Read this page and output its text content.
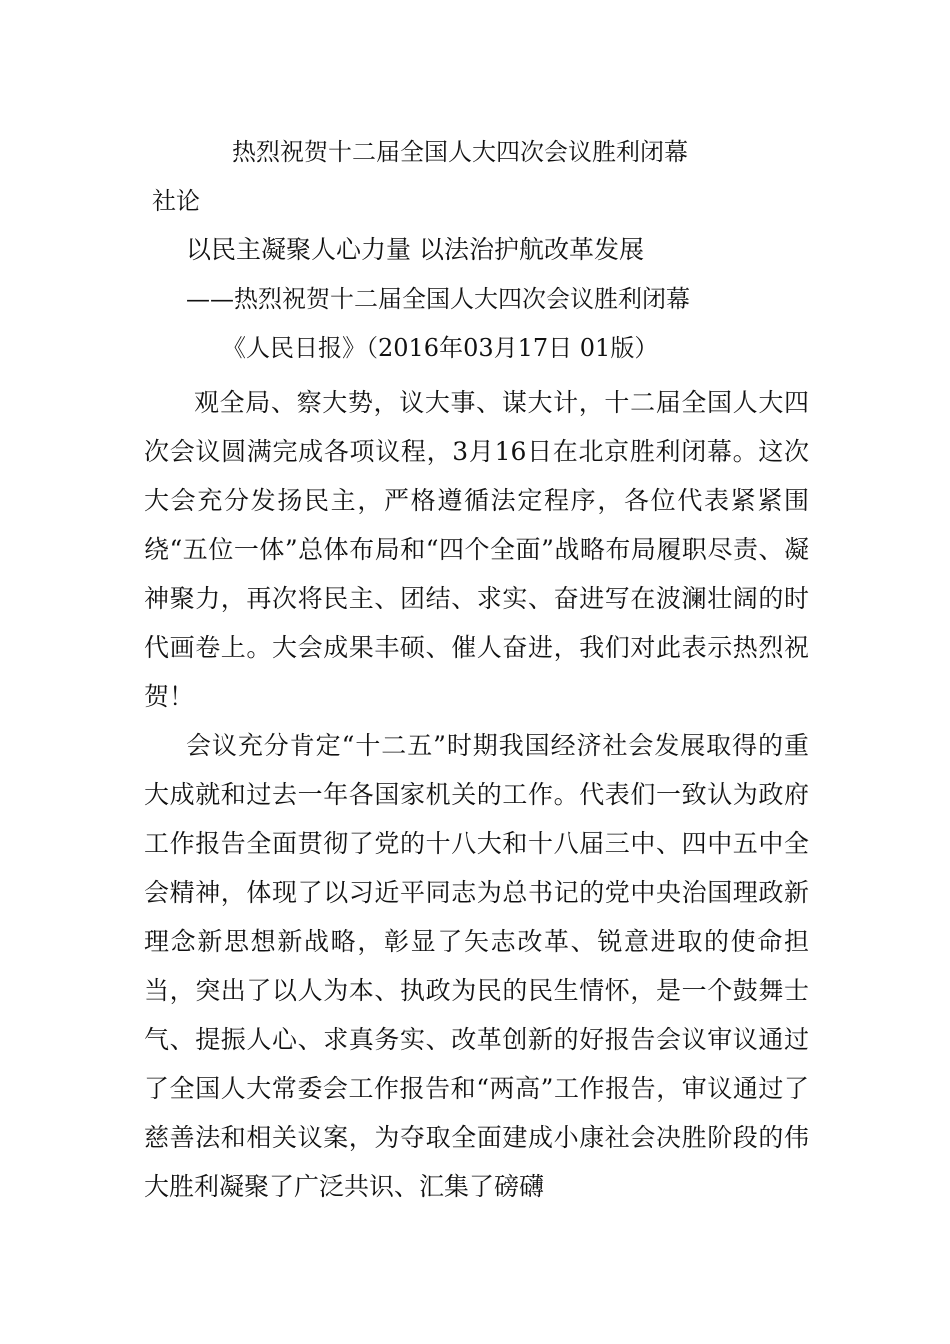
热烈祝贺十二届全国人大四次会议胜利闭幕
社论
以民主凝聚人心力量 以法治护航改革发展
——热烈祝贺十二届全国人大四次会议胜利闭幕
《人民日报》（2016年03月17日 01版）

观全局、察大势，议大事、谋大计，十二届全国人大四次会议圆满完成各项议程，3月16日在北京胜利闭幕。这次大会充分发扬民主，严格遵循法定程序，各位代表紧紧围绕“五位一体”总体布局和“四个全面”战略布局履职尽责、凝神聚力，再次将民主、团结、求实、奋进写在波澜壮阔的时代画卷上。大会成果丰硕、催人奋进，我们对此表示热烈祝贺！

会议充分肯定“十二五”时期我国经济社会发展取得的重大成就和过去一年各国家机关的工作。代表们一致认为政府工作报告全面贯彻了党的十八大和十八届三中、四中五中全会精神，体现了以习近平同志为总书记的党中央治国理政新理念新思想新战略，彰显了矢志改革、锐意进取的使命担当，突出了以人为本、执政为民的民生情怀，是一个鼓舞士气、提振人心、求真务实、改革创新的好报告会议审议通过了全国人大常委会工作报告和“两高”工作报告，审议通过了慈善法和相关议案，为夺取全面建成小康社会决胜阶段的伟大胜利凝聚了广泛共识、汇集了磅礴
